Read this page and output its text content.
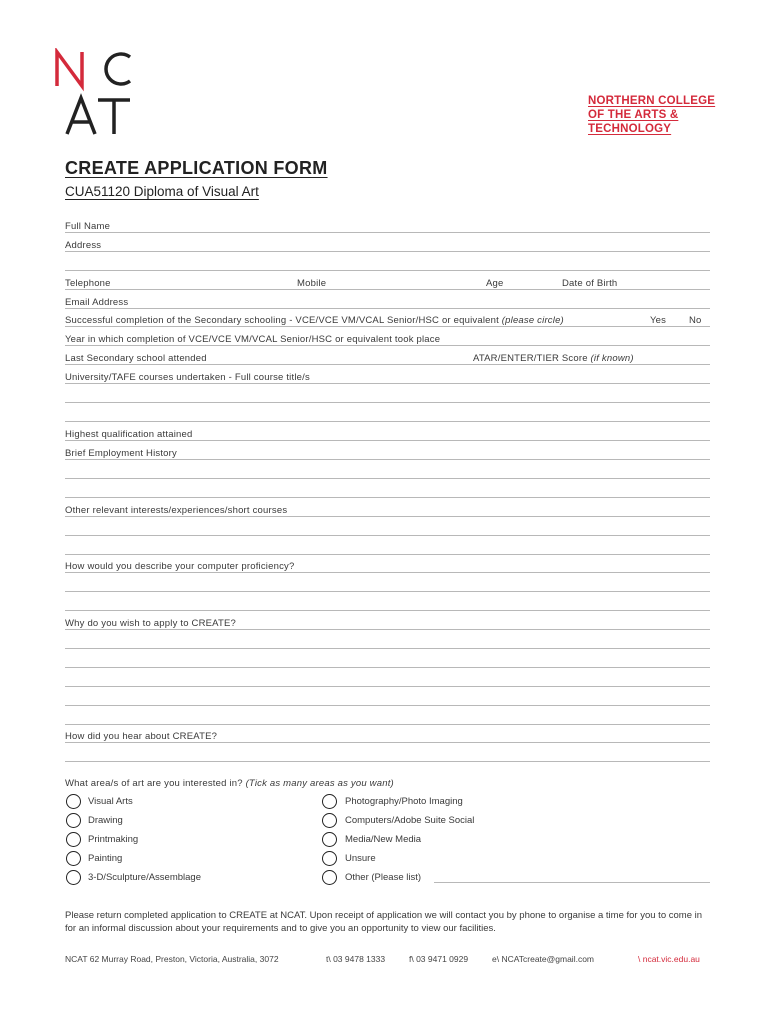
NORTHERN COLLEGE
OF THE ARTS &
TECHNOLOGY
CREATE APPLICATION FORM
CUA51120 Diploma of Visual Art
Full Name
Address
Telephone	Mobile	Age	Date of Birth
Email Address
Successful completion of the Secondary schooling - VCE/VCE VM/VCAL Senior/HSC or equivalent (please circle)	Yes No
Year in which completion of VCE/VCE VM/VCAL Senior/HSC or equivalent took place
Last Secondary school attended	ATAR/ENTER/TIER Score (if known)
University/TAFE courses undertaken - Full course title/s
Highest qualification attained
Brief Employment History
Other relevant interests/experiences/short courses
How would you describe your computer proficiency?
Why do you wish to apply to CREATE?
How did you hear about CREATE?
What area/s of art are you interested in? (Tick as many areas as you want)
Visual Arts
Drawing
Printmaking
Painting
3-D/Sculpture/Assemblage
Photography/Photo Imaging
Computers/Adobe Suite Social
Media/New Media
Unsure
Other (Please list)
Please return completed application to CREATE at NCAT. Upon receipt of application we will contact you by phone to organise a time for you to come in for an informal discussion about your requirements and to give you an opportunity to view our facilities.
NCAT 62 Murray Road, Preston, Victoria, Australia, 3072	t\ 03 9478 1333	f\ 03 9471 0929	e\ NCATcreate@gmail.com	\ ncat.vic.edu.au
